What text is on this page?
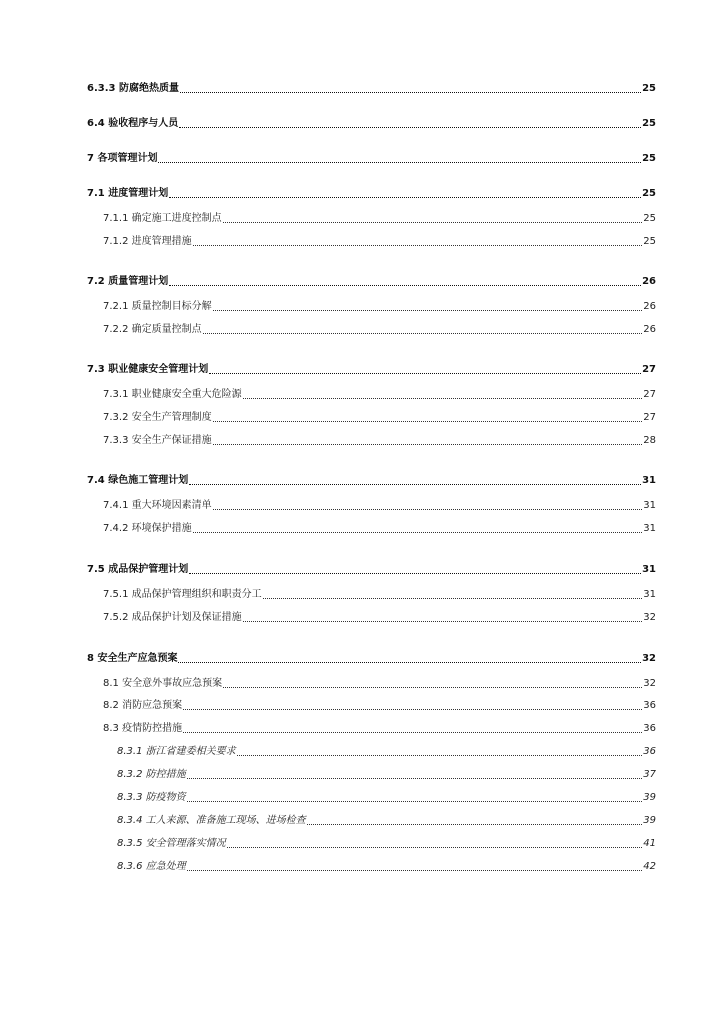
6.3.3 防腐绝热质量	25
6.4 验收程序与人员	25
7 各项管理计划	25
7.1 进度管理计划	25
7.1.1 确定施工进度控制点	25
7.1.2 进度管理措施	25
7.2 质量管理计划	26
7.2.1 质量控制目标分解	26
7.2.2 确定质量控制点	26
7.3 职业健康安全管理计划	27
7.3.1 职业健康安全重大危险源	27
7.3.2 安全生产管理制度	27
7.3.3 安全生产保证措施	28
7.4 绿色施工管理计划	31
7.4.1 重大环境因素清单	31
7.4.2 环境保护措施	31
7.5 成品保护管理计划	31
7.5.1 成品保护管理组织和职责分工	31
7.5.2 成品保护计划及保证措施	32
8 安全生产应急预案	32
8.1 安全意外事故应急预案	32
8.2 消防应急预案	36
8.3 疫情防控措施	36
8.3.1 浙江省建委相关要求	36
8.3.2 防控措施	37
8.3.3 防疫物资	39
8.3.4 工人来源、准备施工现场、进场检查	39
8.3.5 安全管理落实情况	41
8.3.6 应急处理	42
